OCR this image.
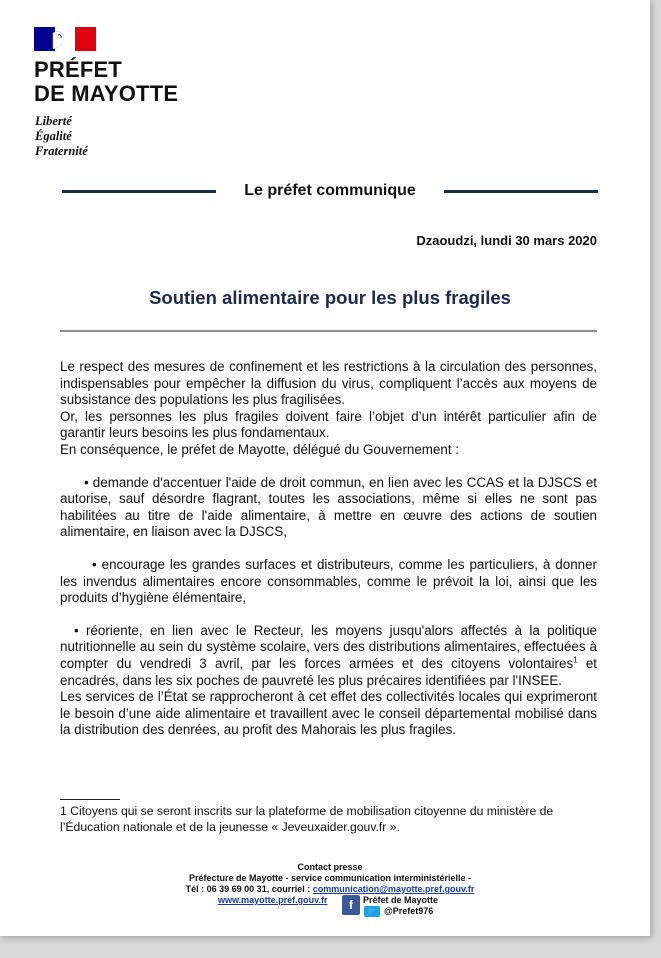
PRÉFET
DE MAYOTTE
Liberté
Égalité
Fraternité
Le préfet communique
Dzaoudzi, lundi 30 mars 2020
Soutien alimentaire pour les plus fragiles

Le respect des mesures de confinement et les restrictions à la circulation des personnes, indispensables pour empêcher la diffusion du virus, compliquent l’accès aux moyens de subsistance des populations les plus fragilisées.

Or, les personnes les plus fragiles doivent faire l’objet d’un intérêt particulier afin de garantir leurs besoins les plus fondamentaux.

En conséquence, le préfet de Mayotte, délégué du Gouvernement :

• demande d'accentuer l'aide de droit commun, en lien avec les CCAS et la DJSCS et autorise, sauf désordre flagrant, toutes les associations, même si elles ne sont pas habilitées au titre de l'aide alimentaire, à mettre en œuvre des actions de soutien alimentaire, en liaison avec la DJSCS,

• encourage les grandes surfaces et distributeurs, comme les particuliers, à donner les invendus alimentaires encore consommables, comme le prévoit la loi, ainsi que les produits d’hygiène élémentaire,

• réoriente, en lien avec le Recteur, les moyens jusqu'alors affectés à la politique nutritionnelle au sein du système scolaire, vers des distributions alimentaires, effectuées à compter du vendredi 3 avril, par les forces armées et des citoyens volontaires$^1$ et encadrés, dans les six poches de pauvreté les plus précaires identifiées par l'INSEE.

Les services de l’État se rapprocheront à cet effet des collectivités locales qui exprimeront le besoin d’une aide alimentaire et travaillent avec le conseil départemental mobilisé dans la distribution des denrées, au profit des Mahorais les plus fragiles.

1 Citoyens qui se seront inscrits sur la plateforme de mobilisation citoyenne du ministère de l’Éducation nationale et de la jeunesse « Jeveuxaider.gouv.fr ».
Contact presse
Préfecture de Mayotte - service communication interministérielle -
Tél : 06 39 69 00 31, courriel : communication@mayotte.pref.gouv.fr
www.mayotte.pref.gouv.fr	f	Préfet de Mayotte
🐦 @Prefet976
